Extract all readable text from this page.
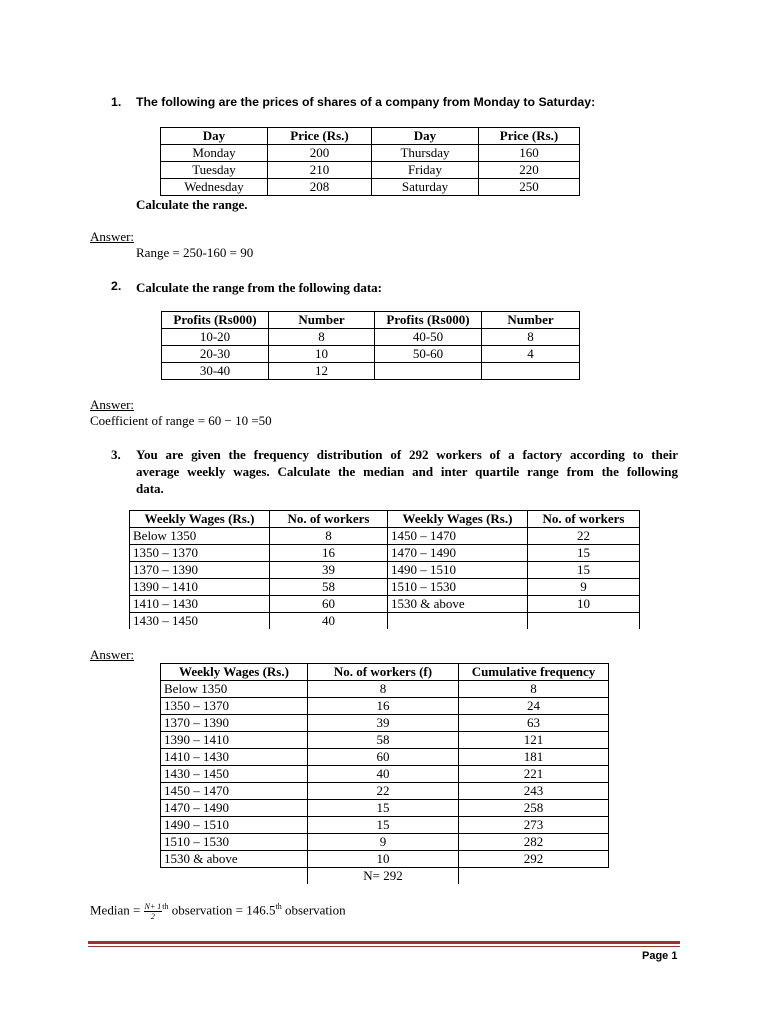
1. The following are the prices of shares of a company from Monday to Saturday:
Day	Price (Rs.)	Day	Price (Rs.)
Monday	200	Thursday	160
Tuesday	210	Friday	220
Wednesday	208	Saturday	250
Calculate the range.
Answer:
Range = 250-160 = 90
2. Calculate the range from the following data:
Profits (Rs000)	Number	Profits (Rs000)	Number
10-20	8	40-50	8
20-30	10	50-60	4
30-40	12		
Answer:
Coefficient of range = 60 − 10 =50
3. You are given the frequency distribution of 292 workers of a factory according to their
average weekly wages. Calculate the median and inter quartile range from the following
data.
Weekly Wages (Rs.)	No. of workers	Weekly Wages (Rs.)	No. of workers
Below 1350	8	1450 – 1470	22
1350 – 1370	16	1470 – 1490	15
1370 – 1390	39	1490 – 1510	15
1390 – 1410	58	1510 – 1530	9
1410 – 1430	60	1530 & above	10
1430 – 1450	40		
Answer:
Weekly Wages (Rs.)	No. of workers (f)	Cumulative frequency
Below 1350	8	8
1350 – 1370	16	24
1370 – 1390	39	63
1390 – 1410	58	121
1410 – 1430	60	181
1430 – 1450	40	221
1450 – 1470	22	243
1470 – 1490	15	258
1490 – 1510	15	273
1510 – 1530	9	282
1530 & above	10	292
	N= 292	
Median = $\frac{N+ 1}{2} ^{th}$ observation = 146.5th observation
Page 1
